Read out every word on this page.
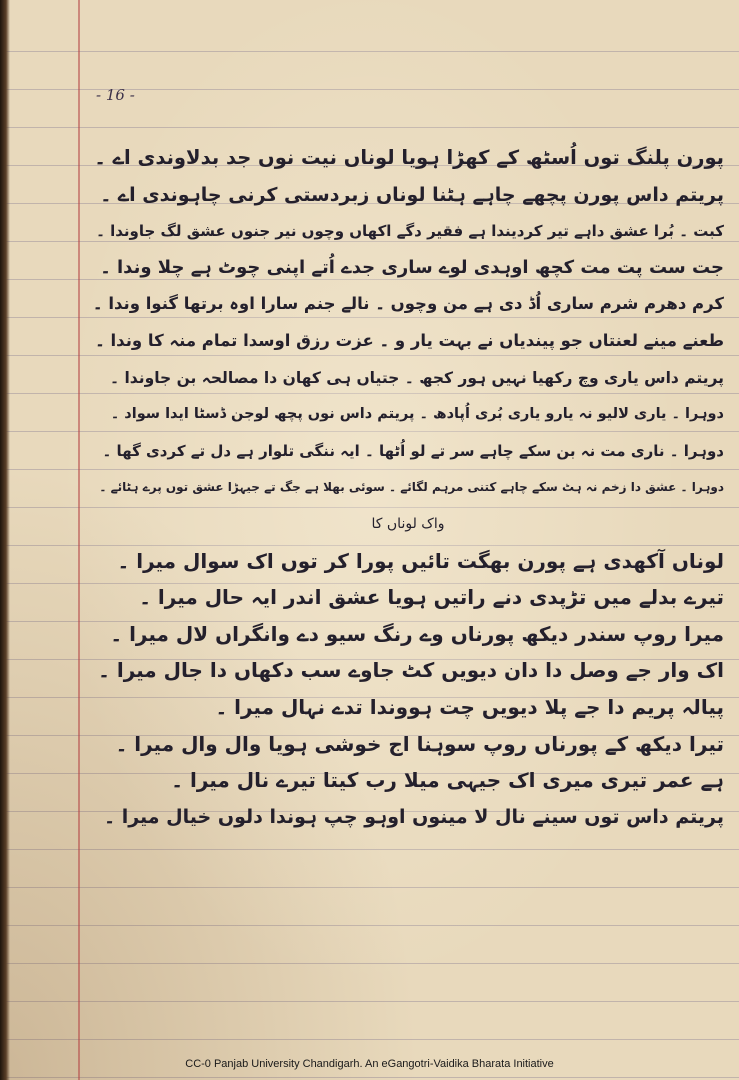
- 16 -
پورن پلنگ توں اُسٹھ کے کھڑا ہویا لوناں نیت نوں جد بدلاوندی اے ۔
پریتم داس پورن پچھے چاہے ہٹنا لوناں زبردستی کرنی چاہوندی اے ۔
کبت ۔ بُرا عشق داہے تیر کردیندا ہے فقیر دگے اکھاں وچوں نیر جنوں عشق لگ جاوندا ۔
جت ست پت مت کچھ اوہدی لوے ساری جدے اُتے اپنی چوٹ ہے چلا وندا ۔
کرم دھرم شرم ساری اُڈ دی ہے من وچوں ۔ نالے جنم سارا اوہ برتھا گنوا وندا ۔
طعنے مینے لعنتاں جو پیندیاں نے بہت یار و ۔ عزت رزق اوسدا تمام منہ کا وندا ۔
پریتم داس یاری وچ رکھیا نہیں ہور کجھ ۔ جتیاں ہی کھان دا مصالحہ بن جاوندا ۔
دوہرا ۔ یاری لالیو نہ یارو یاری بُری اُپادھ ۔ پریتم داس نوں پچھ لوجن ڈسٹا ایدا سواد ۔
دوہرا ۔ ناری مت نہ بن سکے چاہے سر تے لو اُٹھا ۔ ایہ ننگی تلوار ہے دل تے کردی گھا ۔
دوہرا ۔ عشق دا زخم نہ ہٹ سکے چاہے کتنی مرہم لگائے ۔ سوئی بھلا ہے جگ تے جیہڑا عشق توں پرے ہٹائے ۔
واک لوناں کا
لوناں آکھدی ہے پورن بھگت تائیں پورا کر توں اک سوال میرا ۔
تیرے بدلے میں تڑپدی دنے راتیں ہویا عشق اندر ایہ حال میرا ۔
میرا روپ سندر دیکھ پورناں وے رنگ سیو دے وانگراں لال میرا ۔
اک وار جے وصل دا دان دیویں کٹ جاوے سب دکھاں دا جال میرا ۔
پیالہ پریم دا جے پلا دیویں چت ہووندا تدے نہال میرا ۔
تیرا دیکھ کے پورناں روپ سوہنا اج خوشی ہویا وال وال میرا ۔
ہے عمر تیری میری اک جیہی میلا رب کیتا تیرے نال میرا ۔
پریتم داس توں سینے نال لا مینوں اوہو چپ ہوندا دلوں خیال میرا ۔
CC-0 Panjab University Chandigarh. An eGangotri-Vaidika Bharata Initiative
